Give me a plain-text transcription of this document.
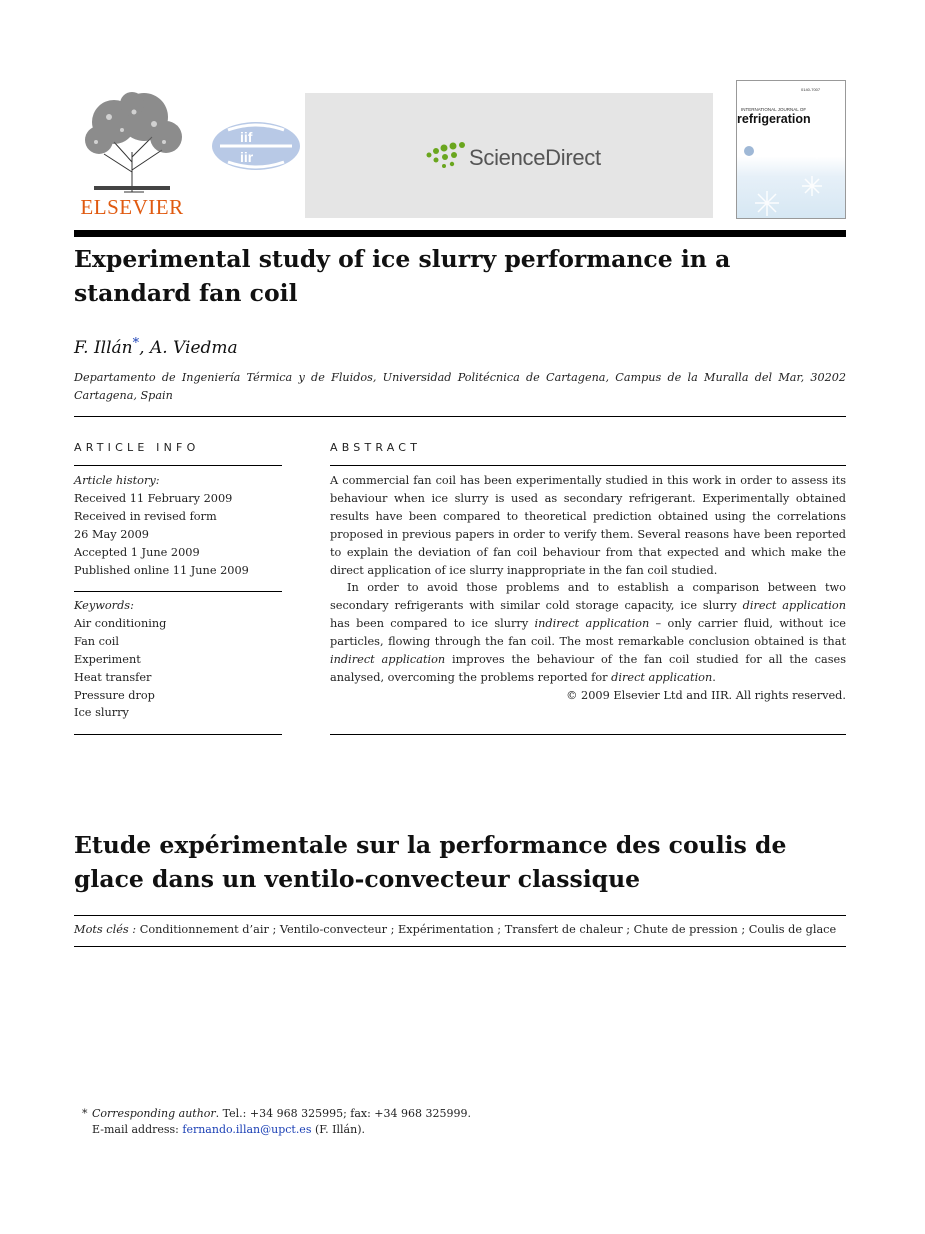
ELSEVIER
iif
iir	ScienceDirect
0140-7007
INTERNATIONAL JOURNAL OF
refrigeration
Experimental study of ice slurry performance in a standard fan coil
F. Illán*, A. Viedma
Departamento de Ingeniería Térmica y de Fluidos, Universidad Politécnica de Cartagena, Campus de la Muralla del Mar, 30202 Cartagena, Spain
ARTICLE INFO
Article history:
Received 11 February 2009
Received in revised form
26 May 2009
Accepted 1 June 2009
Published online 11 June 2009
Keywords:
Air conditioning
Fan coil
Experiment
Heat transfer
Pressure drop
Ice slurry
ABSTRACT

A commercial fan coil has been experimentally studied in this work in order to assess its behaviour when ice slurry is used as secondary refrigerant. Experimentally obtained results have been compared to theoretical prediction obtained using the correlations proposed in previous papers in order to verify them. Several reasons have been reported to explain the deviation of fan coil behaviour from that expected and which make the direct application of ice slurry inappropriate in the fan coil studied.

In order to avoid those problems and to establish a comparison between two secondary refrigerants with similar cold storage capacity, ice slurry direct application has been compared to ice slurry indirect application – only carrier fluid, without ice particles, flowing through the fan coil. The most remarkable conclusion obtained is that indirect application improves the behaviour of the fan coil studied for all the cases analysed, overcoming the problems reported for direct application.

© 2009 Elsevier Ltd and IIR. All rights reserved.

Etude expérimentale sur la performance des coulis de glace dans un ventilo-convecteur classique
Mots clés : Conditionnement d’air ; Ventilo-convecteur ; Expérimentation ; Transfert de chaleur ; Chute de pression ; Coulis de glace
* Corresponding author. Tel.: +34 968 325995; fax: +34 968 325999.
E-mail address: fernando.illan@upct.es (F. Illán).
